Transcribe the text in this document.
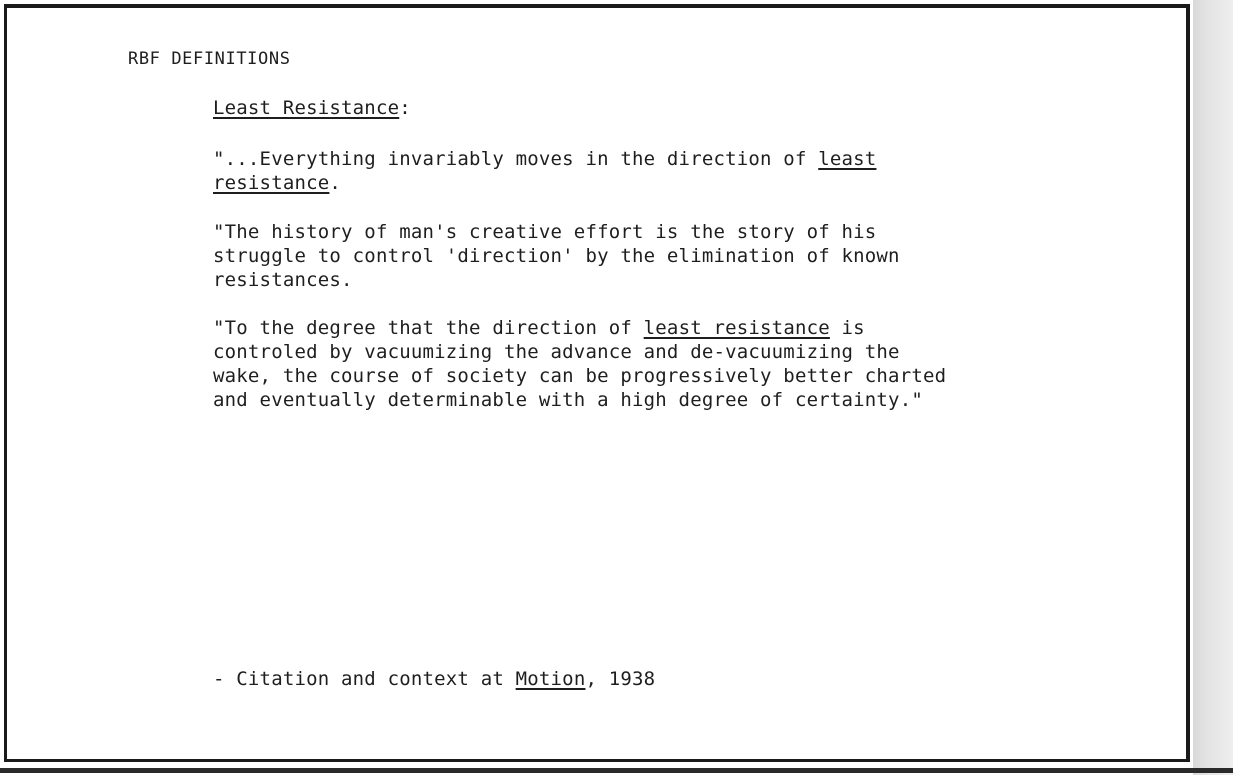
RBF DEFINITIONS
Least Resistance:
"...Everything invariably moves in the direction of least
resistance.
"The history of man's creative effort is the story of his
struggle to control 'direction' by the elimination of known
resistances.
"To the degree that the direction of least resistance is
controled by vacuumizing the advance and de-vacuumizing the
wake, the course of society can be progressively better charted
and eventually determinable with a high degree of certainty."
- Citation and context at Motion, 1938
